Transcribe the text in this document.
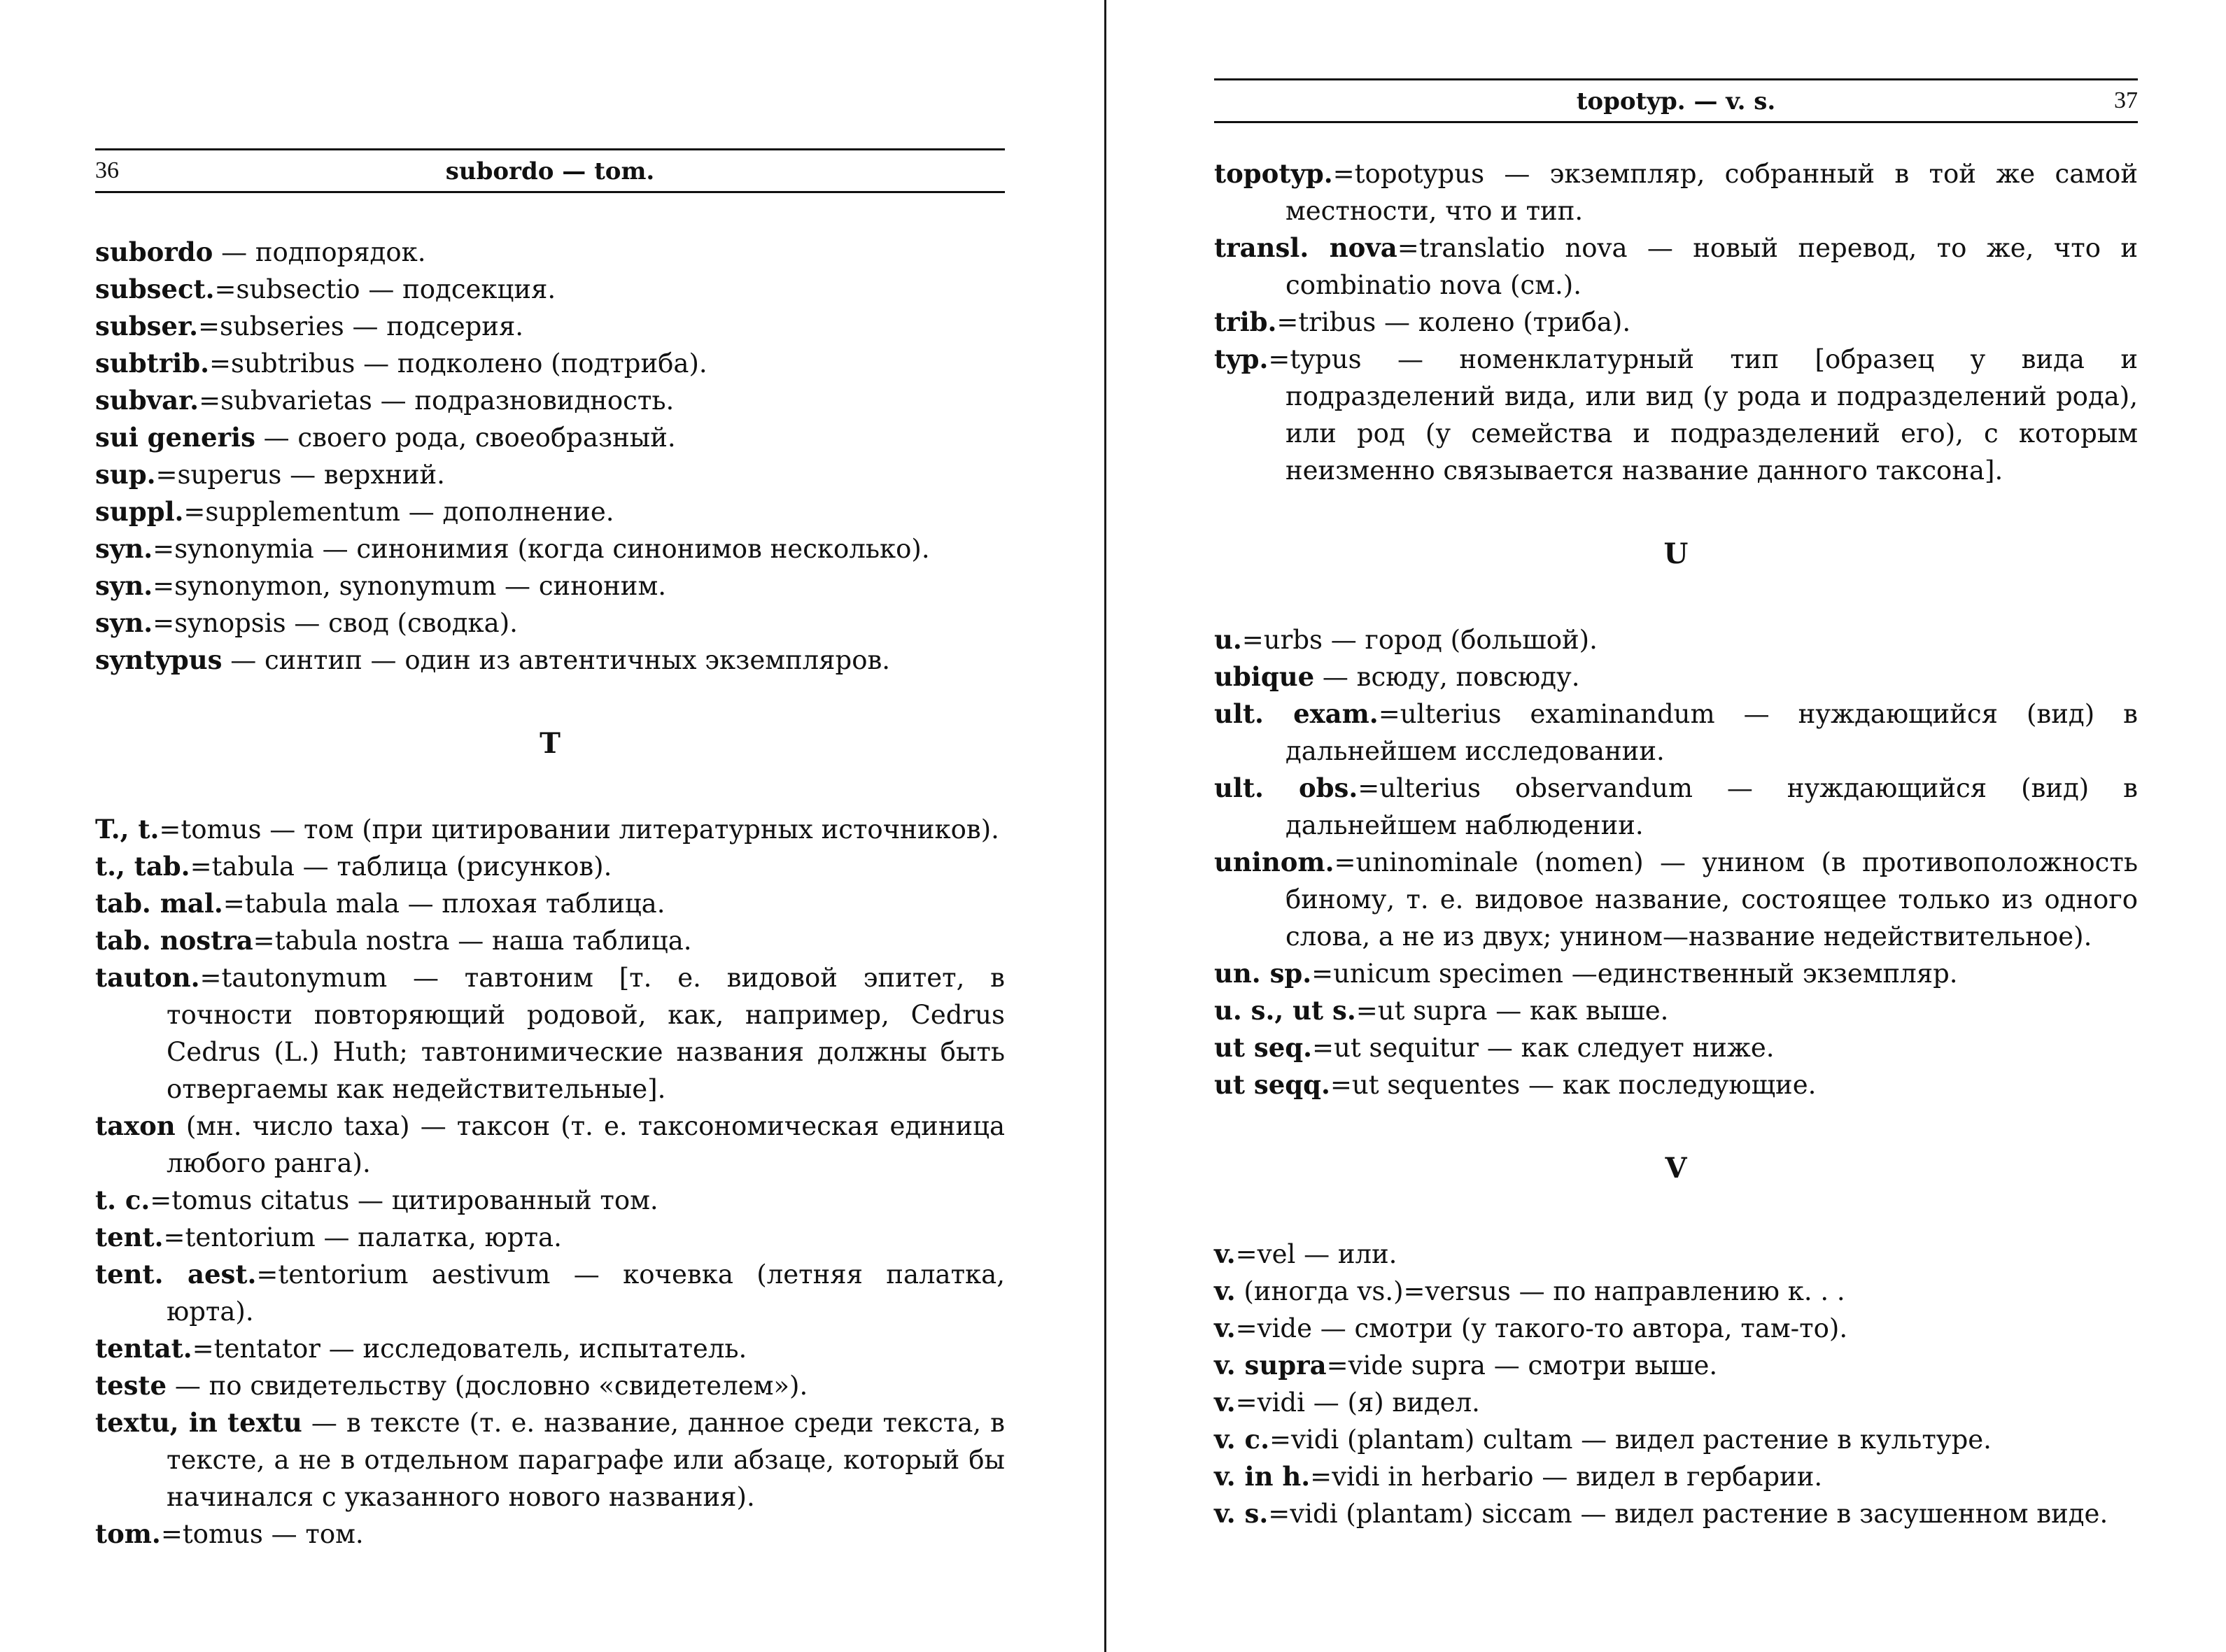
36	subordo — tom.

subordo — подпорядок.

subsect.=subsectio — подсекция.

subser.=subseries — подсерия.

subtrib.=subtribus — подколено (подтриба).

subvar.=subvarietas — подразновидность.

sui generis — своего рода, своеобразный.

sup.=superus — верхний.

suppl.=supplementum — дополнение.

syn.=synonymia — синонимия (когда синонимов несколько).

syn.=synonymon, synonymum — синоним.

syn.=synopsis — свод (сводка).

syntypus — синтип — один из автентичных экземпляров.

T

T., t.=tomus — том (при цитировании литературных источников).

t., tab.=tabula — таблица (рисунков).

tab. mal.=tabula mala — плохая таблица.

tab. nostra=tabula nostra — наша таблица.

tauton.=tautonymum — тавтоним [т. е. видовой эпитет, в точности повторяющий родовой, как, например, Cedrus Cedrus (L.) Huth; тавтонимические названия должны быть отвергаемы как недействительные].

taxon (мн. число taxa) — таксон (т. е. таксономическая единица любого ранга).

t. c.=tomus citatus — цитированный том.

tent.=tentorium — палатка, юрта.

tent. aest.=tentorium aestivum — кочевка (летняя палатка, юрта).

tentat.=tentator — исследователь, испытатель.

teste — по свидетельству (дословно «свидетелем»).

textu, in textu — в тексте (т. е. название, данное среди текста, в тексте, а не в отдельном параграфе или абзаце, который бы начинался с указанного нового названия).

tom.=tomus — том.

topotyp. — v. s.	37

topotyp.=topotypus — экземпляр, собранный в той же самой местности, что и тип.

transl. nova=translatio nova — новый перевод, то же, что и combinatio nova (см.).

trib.=tribus — колено (триба).

typ.=typus — номенклатурный тип [образец у вида и подразделений вида, или вид (у рода и подразделений рода), или род (у семейства и подразделений его), с которым неизменно связывается название данного таксона].

U

u.=urbs — город (большой).

ubique — всюду, повсюду.

ult. exam.=ulterius examinandum — нуждающийся (вид) в дальнейшем исследовании.

ult. obs.=ulterius observandum — нуждающийся (вид) в дальнейшем наблюдении.

uninom.=uninominale (nomen) — унином (в противоположность биному, т. е. видовое название, состоящее только из одного слова, а не из двух; унином—название недействительное).

un. sp.=unicum specimen —единственный экземпляр.

u. s., ut s.=ut supra — как выше.

ut seq.=ut sequitur — как следует ниже.

ut seqq.=ut sequentes — как последующие.

V

v.=vel — или.

v. (иногда vs.)=versus — по направлению к. . .

v.=vide — смотри (у такого-то автора, там-то).

v. supra=vide supra — смотри выше.

v.=vidi — (я) видел.

v. c.=vidi (plantam) cultam — видел растение в культуре.

v. in h.=vidi in herbario — видел в гербарии.

v. s.=vidi (plantam) siccam — видел растение в засушенном виде.
